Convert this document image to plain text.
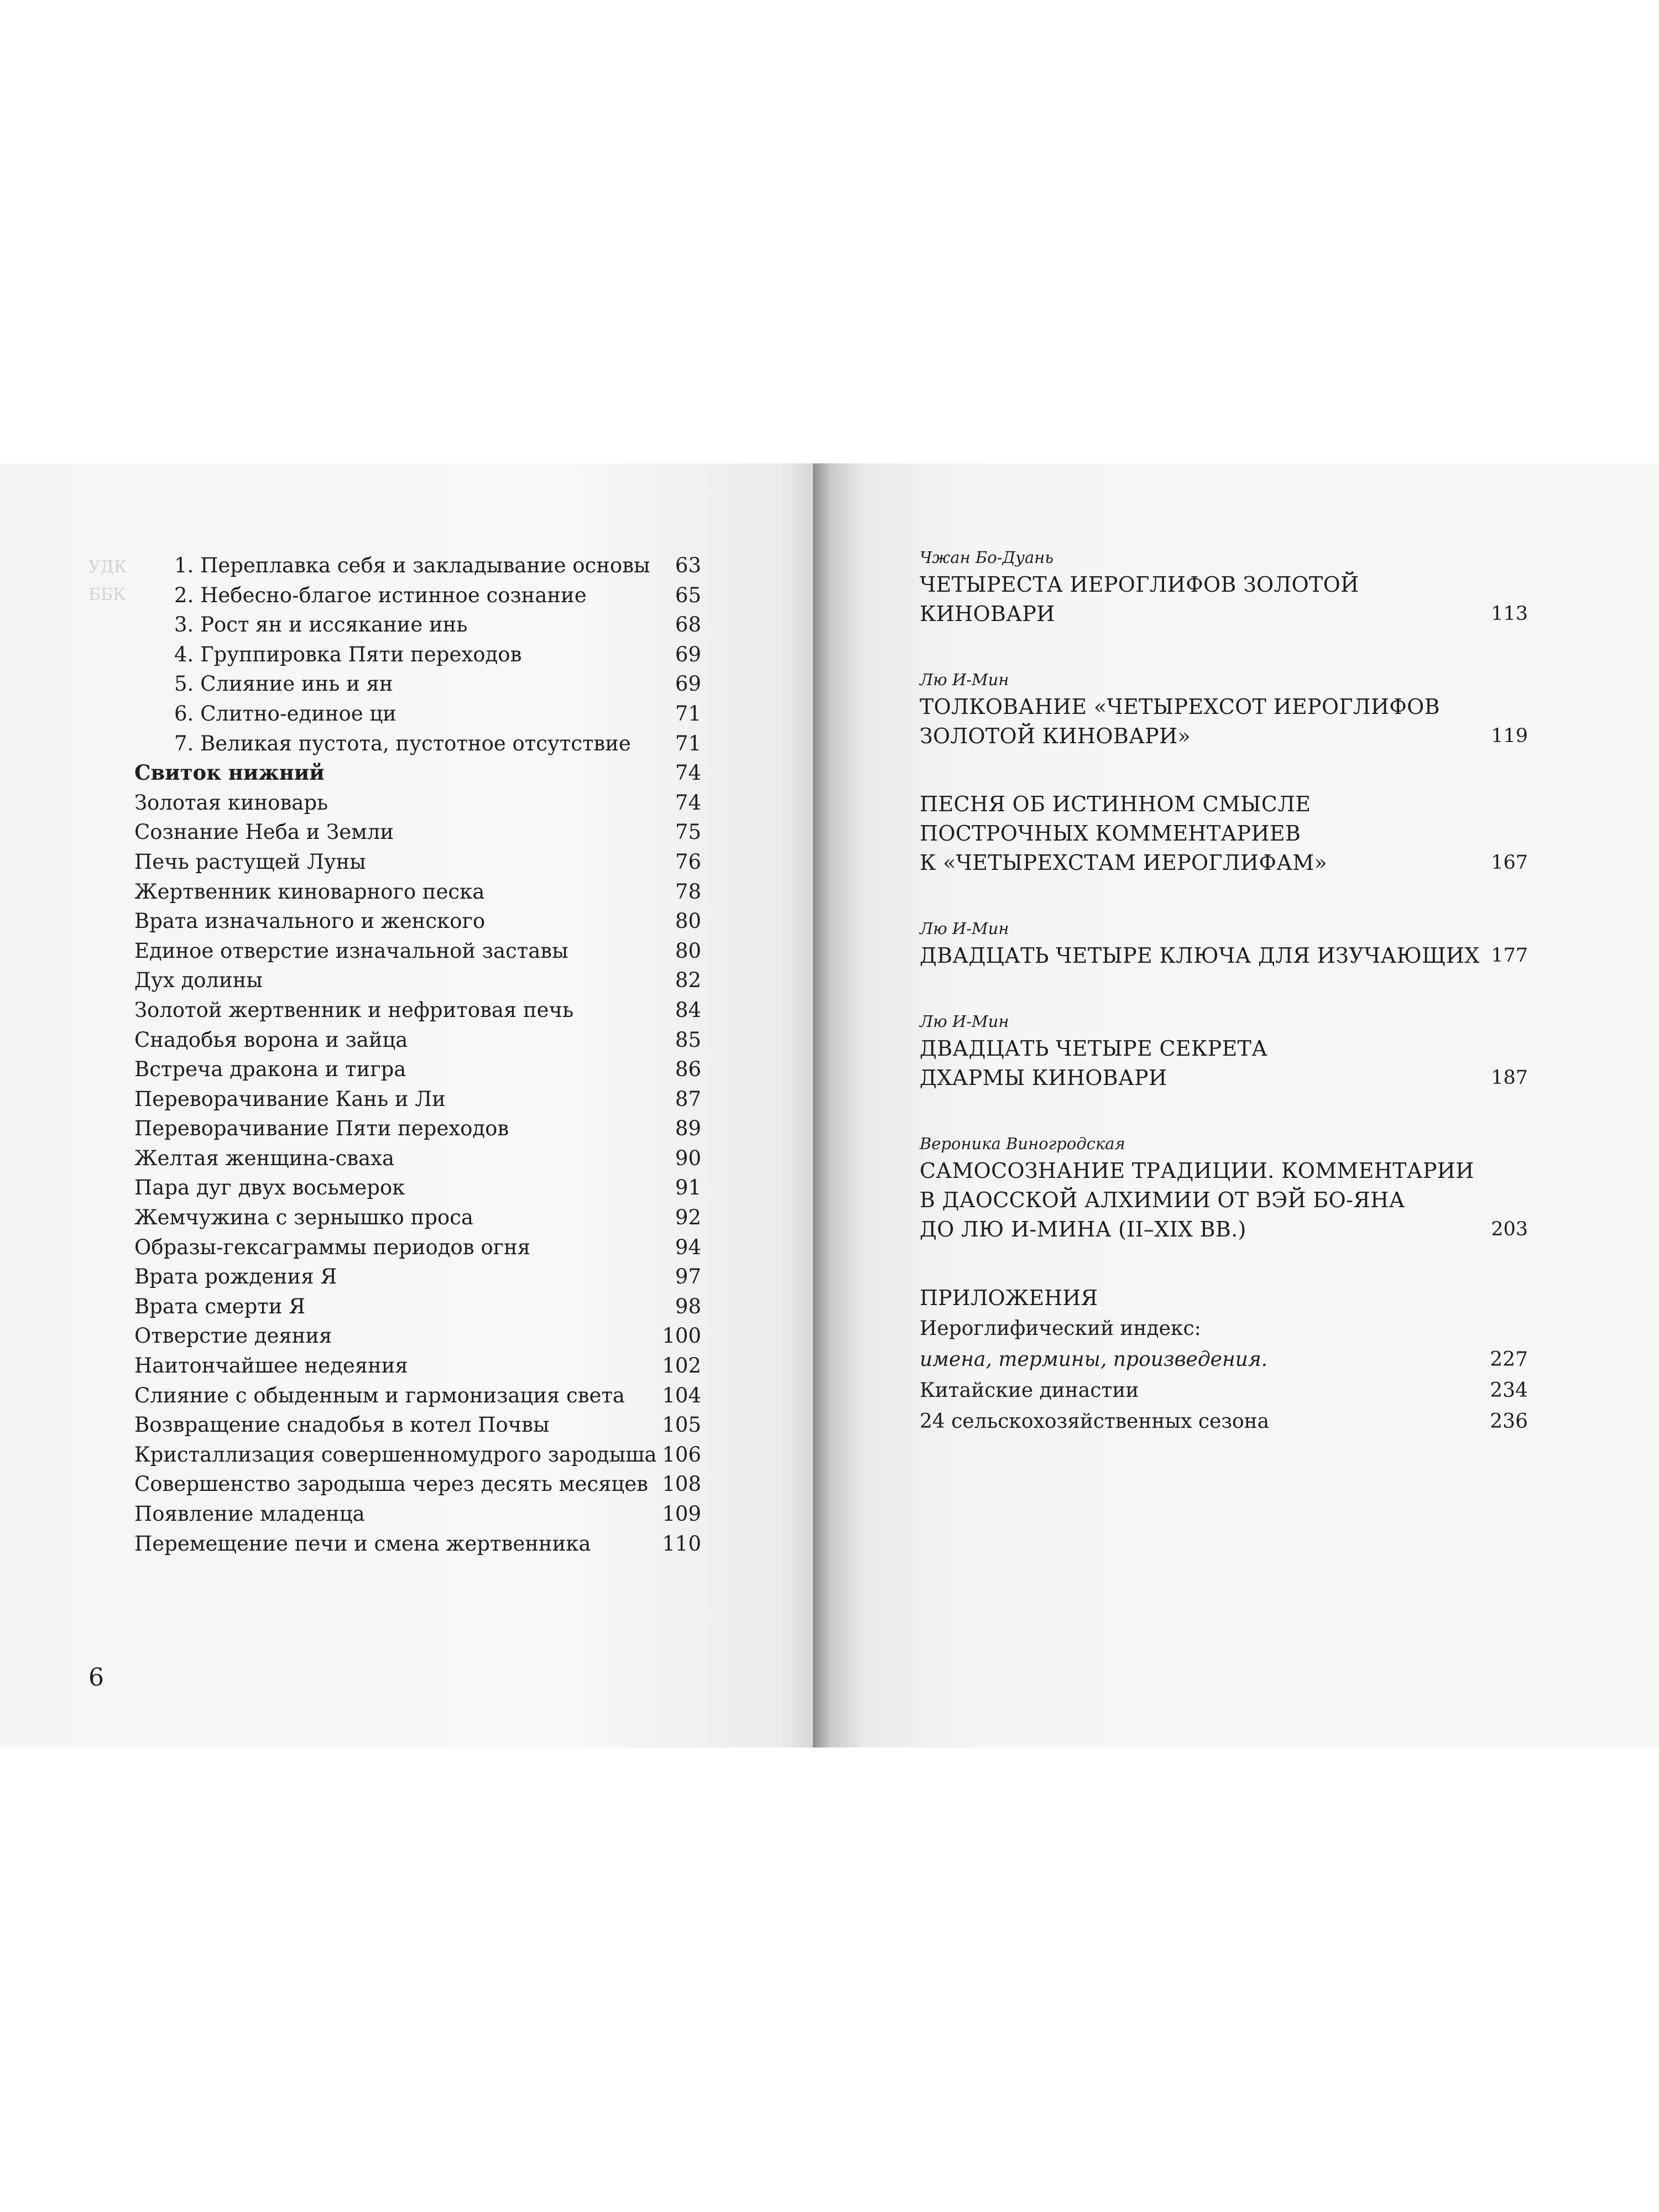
УДК
ББК
1. Переплавка себя и закладывание основы	63
2. Небесно-благое истинное сознание	65
3. Рост ян и иссякание инь	68
4. Группировка Пяти переходов	69
5. Слияние инь и ян	69
6. Слитно-единое ци	71
7. Великая пустота, пустотное отсутствие	71
Свиток нижний	74
Золотая киноварь	74
Сознание Неба и Земли	75
Печь растущей Луны	76
Жертвенник киноварного песка	78
Врата изначального и женского	80
Единое отверстие изначальной заставы	80
Дух долины	82
Золотой жертвенник и нефритовая печь	84
Снадобья ворона и зайца	85
Встреча дракона и тигра	86
Переворачивание Кань и Ли	87
Переворачивание Пяти переходов	89
Желтая женщина-сваха	90
Пара дуг двух восьмерок	91
Жемчужина с зернышко проса	92
Образы-гексаграммы периодов огня	94
Врата рождения Я	97
Врата смерти Я	98
Отверстие деяния	100
Наитончайшее недеяния	102
Слияние с обыденным и гармонизация света 104
Возвращение снадобья в котел Почвы	105
Кристаллизация совершенномудрого зародыша 106
Совершенство зародыша через десять месяцев 108
Появление младенца	109
Перемещение печи и смена жертвенника	110
6
Чжан Бо-Дуань
ЧЕТЫРЕСТА ИЕРОГЛИФОВ ЗОЛОТОЙ КИНОВАРИ	113
Лю И-Мин
ТОЛКОВАНИЕ «ЧЕТЫРЕХСОТ ИЕРОГЛИФОВ
ЗОЛОТОЙ КИНОВАРИ»	119
ПЕСНЯ ОБ ИСТИННОМ СМЫСЛЕ
ПОСТРОЧНЫХ КОММЕНТАРИЕВ
К «ЧЕТЫРЕХСТАМ ИЕРОГЛИФАМ»	167
Лю И-Мин
ДВАДЦАТЬ ЧЕТЫРЕ КЛЮЧА ДЛЯ ИЗУЧАЮЩИХ 177
Лю И-Мин
ДВАДЦАТЬ ЧЕТЫРЕ СЕКРЕТА
ДХАРМЫ КИНОВАРИ	187
Вероника Виногродская
САМОСОЗНАНИЕ ТРАДИЦИИ. КОММЕНТАРИИ
В ДАОССКОЙ АЛХИМИИ ОТ ВЭЙ БО-ЯНА
ДО ЛЮ И-МИНА (II–XIX ВВ.)	203
ПРИЛОЖЕНИЯ
Иероглифический индекс:
имена, термины, произведения.	227
Китайские династии	234
24 сельскохозяйственных сезона	236
